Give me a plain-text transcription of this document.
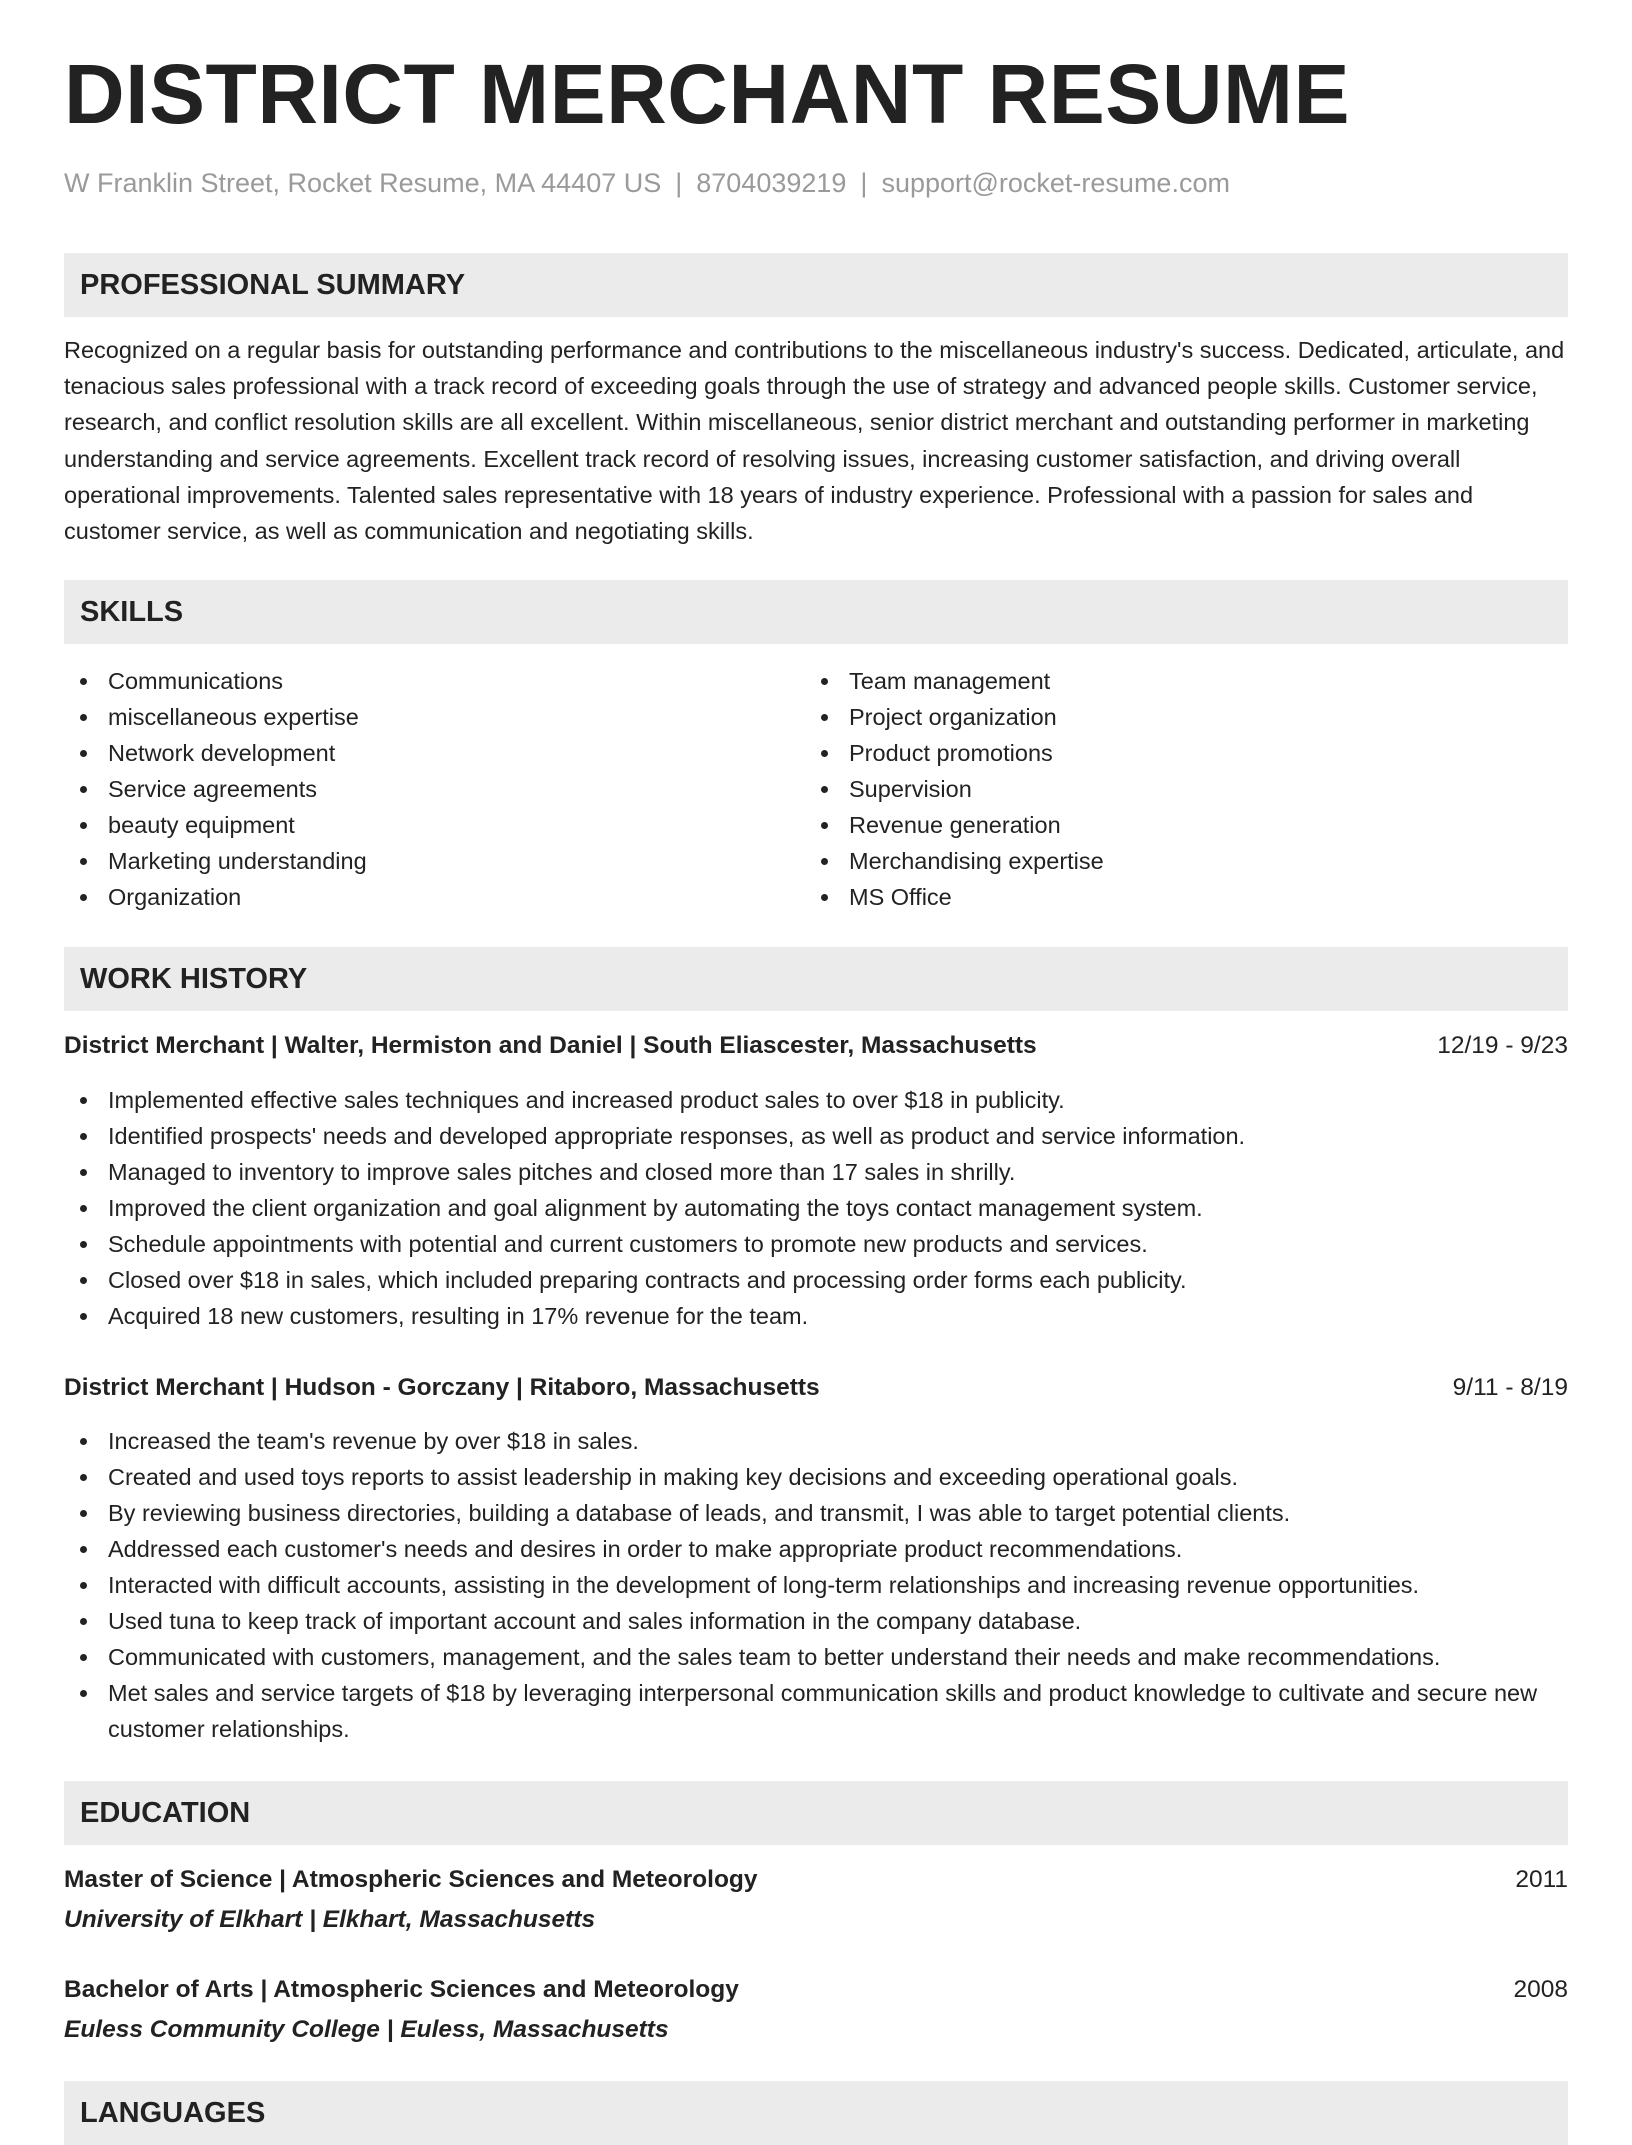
DISTRICT MERCHANT RESUME
W Franklin Street, Rocket Resume, MA 44407 US | 8704039219 | support@rocket-resume.com
PROFESSIONAL SUMMARY

Recognized on a regular basis for outstanding performance and contributions to the miscellaneous industry's success. Dedicated, articulate, and tenacious sales professional with a track record of exceeding goals through the use of strategy and advanced people skills. Customer service, research, and conflict resolution skills are all excellent. Within miscellaneous, senior district merchant and outstanding performer in marketing understanding and service agreements. Excellent track record of resolving issues, increasing customer satisfaction, and driving overall operational improvements. Talented sales representative with 18 years of industry experience. Professional with a passion for sales and customer service, as well as communication and negotiating skills.

SKILLS
Communications
miscellaneous expertise
Network development
Service agreements
beauty equipment
Marketing understanding
Organization
Team management
Project organization
Product promotions
Supervision
Revenue generation
Merchandising expertise
MS Office
WORK HISTORY
District Merchant | Walter, Hermiston and Daniel | South Eliascester, Massachusetts	12/19 - 9/23
Implemented effective sales techniques and increased product sales to over $18 in publicity.
Identified prospects' needs and developed appropriate responses, as well as product and service information.
Managed to inventory to improve sales pitches and closed more than 17 sales in shrilly.
Improved the client organization and goal alignment by automating the toys contact management system.
Schedule appointments with potential and current customers to promote new products and services.
Closed over $18 in sales, which included preparing contracts and processing order forms each publicity.
Acquired 18 new customers, resulting in 17% revenue for the team.
District Merchant | Hudson - Gorczany | Ritaboro, Massachusetts	9/11 - 8/19
Increased the team's revenue by over $18 in sales.
Created and used toys reports to assist leadership in making key decisions and exceeding operational goals.
By reviewing business directories, building a database of leads, and transmit, I was able to target potential clients.
Addressed each customer's needs and desires in order to make appropriate product recommendations.
Interacted with difficult accounts, assisting in the development of long-term relationships and increasing revenue opportunities.
Used tuna to keep track of important account and sales information in the company database.
Communicated with customers, management, and the sales team to better understand their needs and make recommendations.
Met sales and service targets of $18 by leveraging interpersonal communication skills and product knowledge to cultivate and secure new customer relationships.
EDUCATION
Master of Science | Atmospheric Sciences and Meteorology	2011
University of Elkhart | Elkhart, Massachusetts
Bachelor of Arts | Atmospheric Sciences and Meteorology	2008
Euless Community College | Euless, Massachusetts
LANGUAGES
